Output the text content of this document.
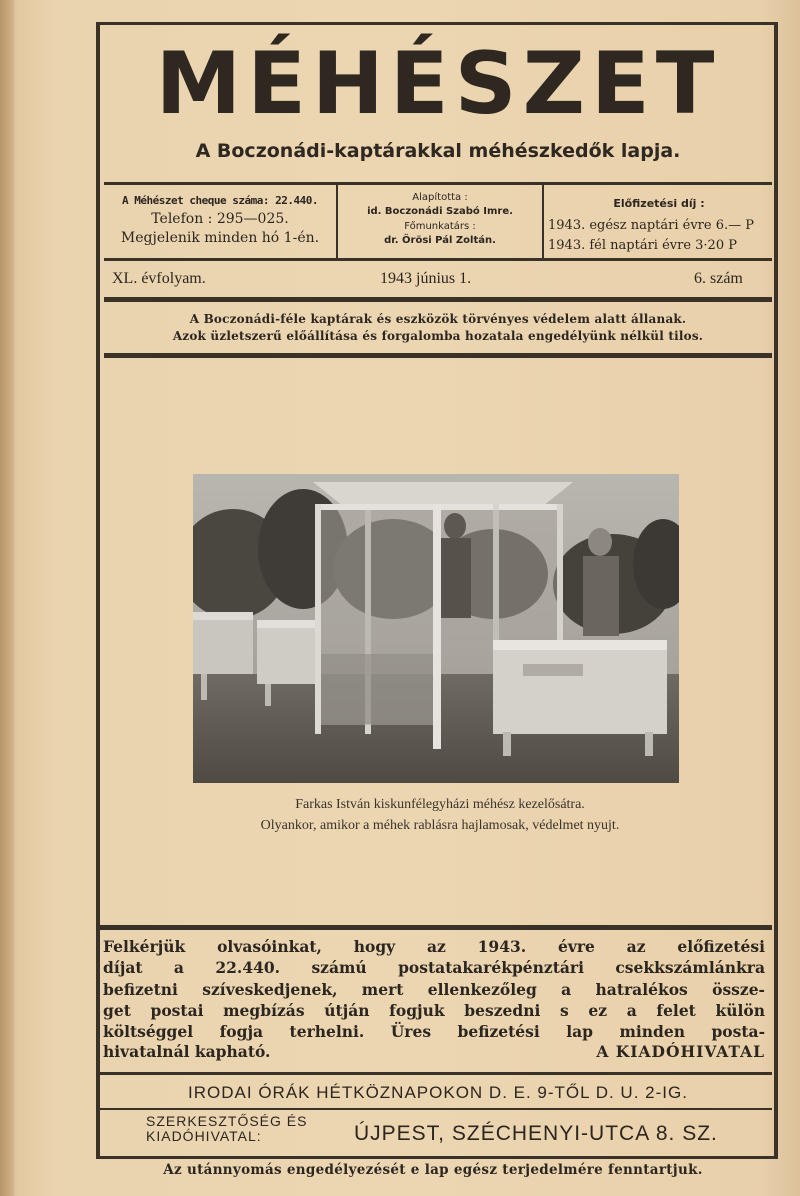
MÉHÉSZET
A Boczonádi-kaptárakkal méhészkedők lapja.
A Méhészet cheque száma: 22.440.
Telefon : 295—025.
Megjelenik minden hó 1-én.
Alapította :
id. Boczonádi Szabó Imre.
Főmunkatárs :
dr. Örösi Pál Zoltán.
Előfizetési díj :
1943. egész naptári évre 6.— P
1943. fél naptári évre 3·20 P
XL. évfolyam.	1943 június 1.	6. szám
A Boczonádi-féle kaptárak és eszközök törvényes védelem alatt állanak.
Azok üzletszerű előállítása és forgalomba hozatala engedélyünk nélkül tilos.
Farkas István kiskunfélegyházi méhész kezelősátra.
Olyankor, amikor a méhek rablásra hajlamosak, védelmet nyujt.
Felkérjük olvasóinkat, hogy az 1943. évre az előfizetési
díjat a 22.440. számú postatakarékpénztári csekkszámlánkra
befizetni szíveskedjenek, mert ellenkezőleg a hatralékos össze-
get postai megbízás útján fogjuk beszedni s ez a felet külön
költséggel fogja terhelni. Üres befizetési lap minden posta-
hivatalnál kapható.	A KIADÓHIVATAL
IRODAI ÓRÁK HÉTKÖZNAPOKON D. E. 9-TŐL D. U. 2-IG.
SZERKESZTŐSÉG ÉS
KIADÓHIVATAL:	ÚJPEST, SZÉCHENYI-UTCA 8. SZ.
Az utánnyomás engedélyezését e lap egész terjedelmére fenntartjuk.
